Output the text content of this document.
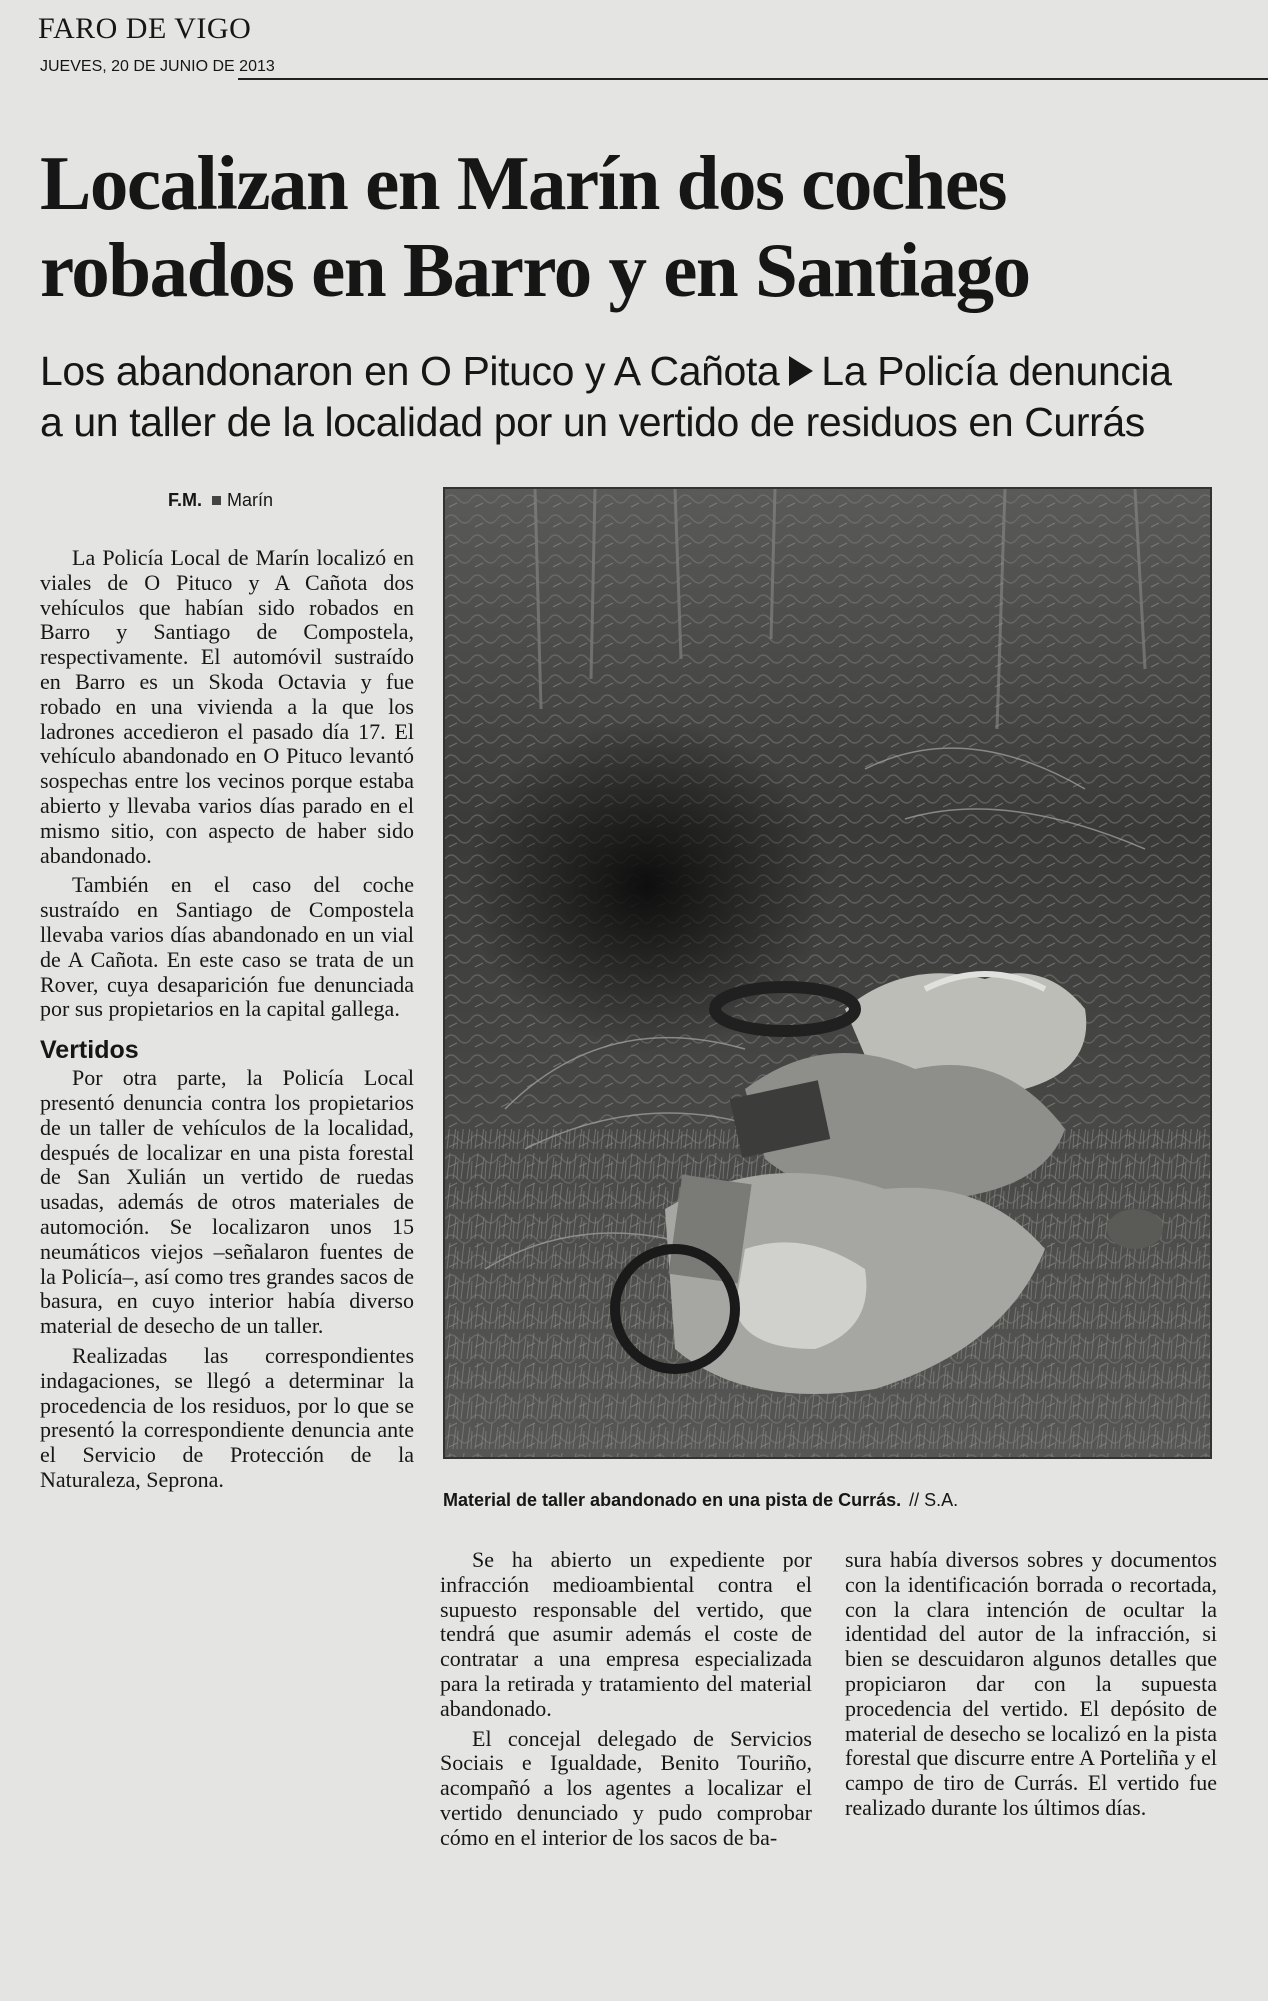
FARO DE VIGO
JUEVES, 20 DE JUNIO DE 2013
Localizan en Marín dos coches
robados en Barro y en Santiago
Los abandonaron en O Pituco y A Cañota La Policía denuncia
a un taller de la localidad por un vertido de residuos en Currás
F.M. Marín

La Policía Local de Marín localizó en viales de O Pituco y A Cañota dos vehículos que habían sido robados en Barro y Santiago de Compostela, respectivamente. El automóvil sustraído en Barro es un Skoda Octavia y fue robado en una vivienda a la que los ladrones accedieron el pasado día 17. El vehículo abandonado en O Pituco levantó sospechas entre los vecinos porque estaba abierto y llevaba varios días parado en el mismo sitio, con aspecto de haber sido abandonado.

También en el caso del coche sustraído en Santiago de Compostela llevaba varios días abandonado en un vial de A Cañota. En este caso se trata de un Rover, cuya desaparición fue denunciada por sus propietarios en la capital gallega.

Vertidos

Por otra parte, la Policía Local presentó denuncia contra los propietarios de un taller de vehículos de la localidad, después de localizar en una pista forestal de San Xulián un vertido de ruedas usadas, además de otros materiales de automoción. Se localizaron unos 15 neumáticos viejos –señalaron fuentes de la Policía–, así como tres grandes sacos de basura, en cuyo interior había diverso material de desecho de un taller.

Realizadas las correspondientes indagaciones, se llegó a determinar la procedencia de los residuos, por lo que se presentó la correspondiente denuncia ante el Servicio de Protección de la Naturaleza, Seprona.

Material de taller abandonado en una pista de Currás. // S.A.

Se ha abierto un expediente por infracción medioambiental contra el supuesto responsable del vertido, que tendrá que asumir además el coste de contratar a una empresa especializada para la retirada y tratamiento del material abandonado.

El concejal delegado de Servicios Sociais e Igualdade, Benito Touriño, acompañó a los agentes a localizar el vertido denunciado y pudo comprobar cómo en el interior de los sacos de ba-

sura había diversos sobres y documentos con la identificación borrada o recortada, con la clara intención de ocultar la identidad del autor de la infracción, si bien se descuidaron algunos detalles que propiciaron dar con la supuesta procedencia del vertido. El depósito de material de desecho se localizó en la pista forestal que discurre entre A Porteliña y el campo de tiro de Currás. El vertido fue realizado durante los últimos días.
